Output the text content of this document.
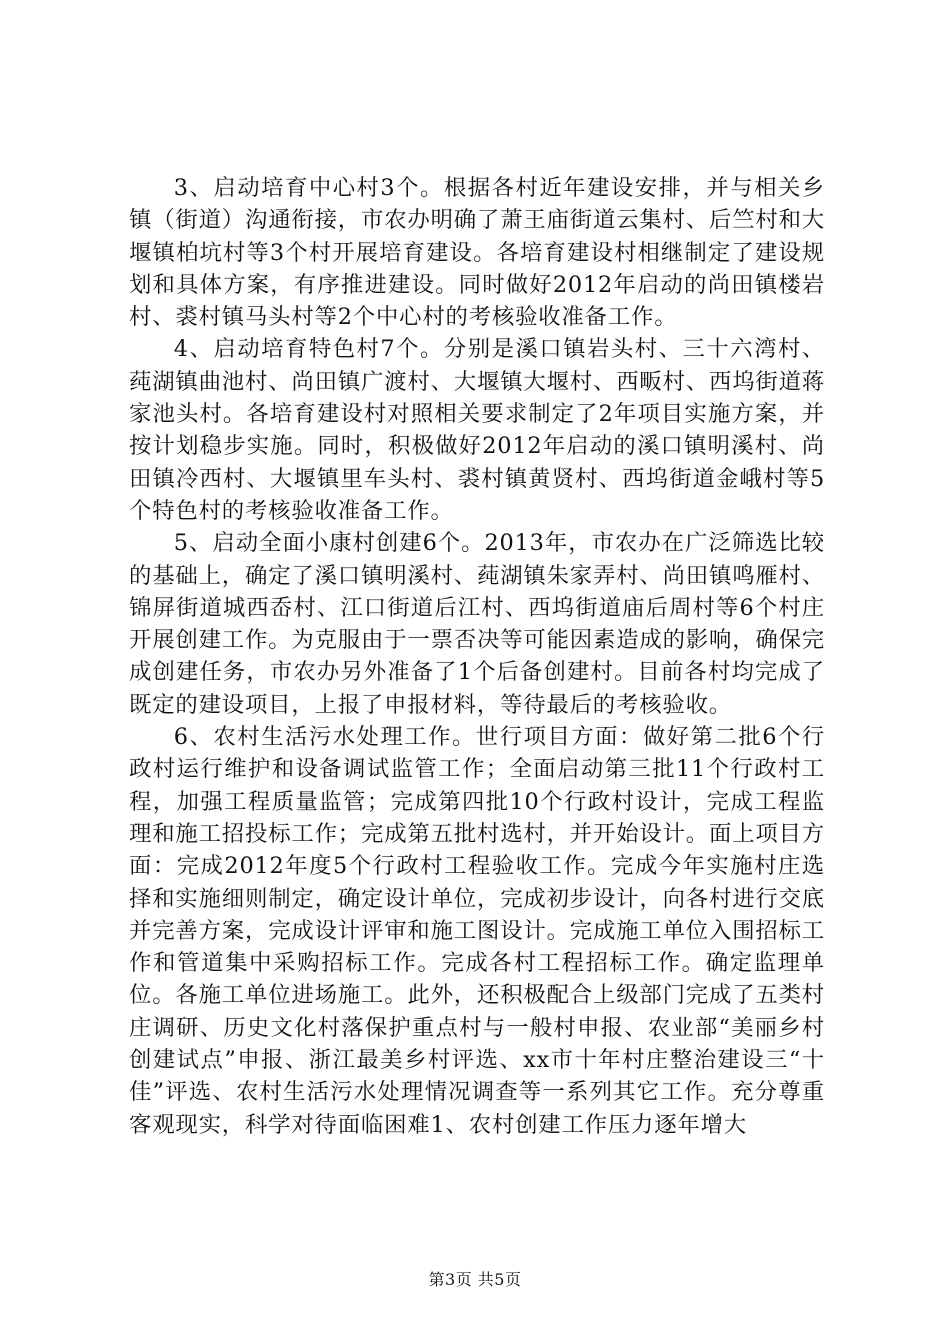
3、启动培育中心村3个。根据各村近年建设安排，并与相关乡镇（街道）沟通衔接，市农办明确了萧王庙街道云集村、后竺村和大堰镇柏坑村等3个村开展培育建设。各培育建设村相继制定了建设规划和具体方案，有序推进建设。同时做好2012年启动的尚田镇楼岩村、裘村镇马头村等2个中心村的考核验收准备工作。

4、启动培育特色村7个。分别是溪口镇岩头村、三十六湾村、莼湖镇曲池村、尚田镇广渡村、大堰镇大堰村、西畈村、西坞街道蒋家池头村。各培育建设村对照相关要求制定了2年项目实施方案，并按计划稳步实施。同时，积极做好2012年启动的溪口镇明溪村、尚田镇冷西村、大堰镇里车头村、裘村镇黄贤村、西坞街道金峨村等5个特色村的考核验收准备工作。

5、启动全面小康村创建6个。2013年，市农办在广泛筛选比较的基础上，确定了溪口镇明溪村、莼湖镇朱家弄村、尚田镇鸣雁村、锦屏街道城西岙村、江口街道后江村、西坞街道庙后周村等6个村庄开展创建工作。为克服由于一票否决等可能因素造成的影响，确保完成创建任务，市农办另外准备了1个后备创建村。目前各村均完成了既定的建设项目，上报了申报材料，等待最后的考核验收。

6、农村生活污水处理工作。世行项目方面：做好第二批6个行政村运行维护和设备调试监管工作；全面启动第三批11个行政村工程，加强工程质量监管；完成第四批10个行政村设计，完成工程监理和施工招投标工作；完成第五批村选村，并开始设计。面上项目方面：完成2012年度5个行政村工程验收工作。完成今年实施村庄选择和实施细则制定，确定设计单位，完成初步设计，向各村进行交底并完善方案，完成设计评审和施工图设计。完成施工单位入围招标工作和管道集中采购招标工作。完成各村工程招标工作。确定监理单位。各施工单位进场施工。此外，还积极配合上级部门完成了五类村庄调研、历史文化村落保护重点村与一般村申报、农业部“美丽乡村创建试点”申报、浙江最美乡村评选、xx市十年村庄整治建设三“十佳”评选、农村生活污水处理情况调查等一系列其它工作。充分尊重客观现实，科学对待面临困难1、农村创建工作压力逐年增大

第3页 共5页
